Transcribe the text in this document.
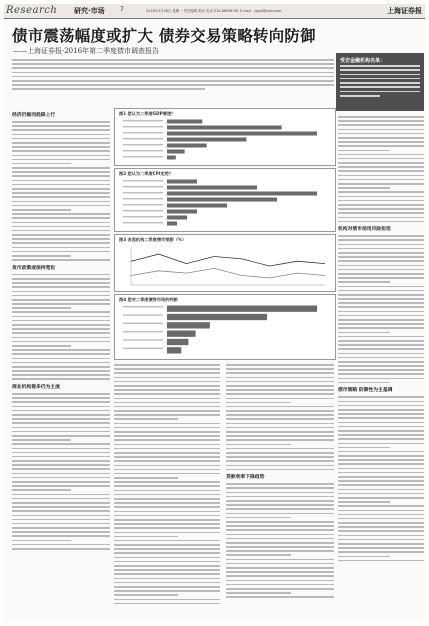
Research 研究·市场	7	2016年3月28日 星期一 责任编辑 陈庆 电话 010-88596781 E-mail：zqyjs@sina.com	上海证券报
债市震荡幅度或扩大 债券交易策略转向防御
——上海证券报·2016年第二季度债市调查报告
受访金融机构名单：
经济仍稳而趋降上行
货币政策或保持宽松
商业机构看多仍为主流
图1 您认为二季度GDP增速？
图2 您认为二季度CPI走势？
图3 各类机构二季度债市预期（%）
图4 您对二季度债券市场的判断
贷款利率下降趋势
机构对债市信用风险担忧
债市策略 防御性为主基调
